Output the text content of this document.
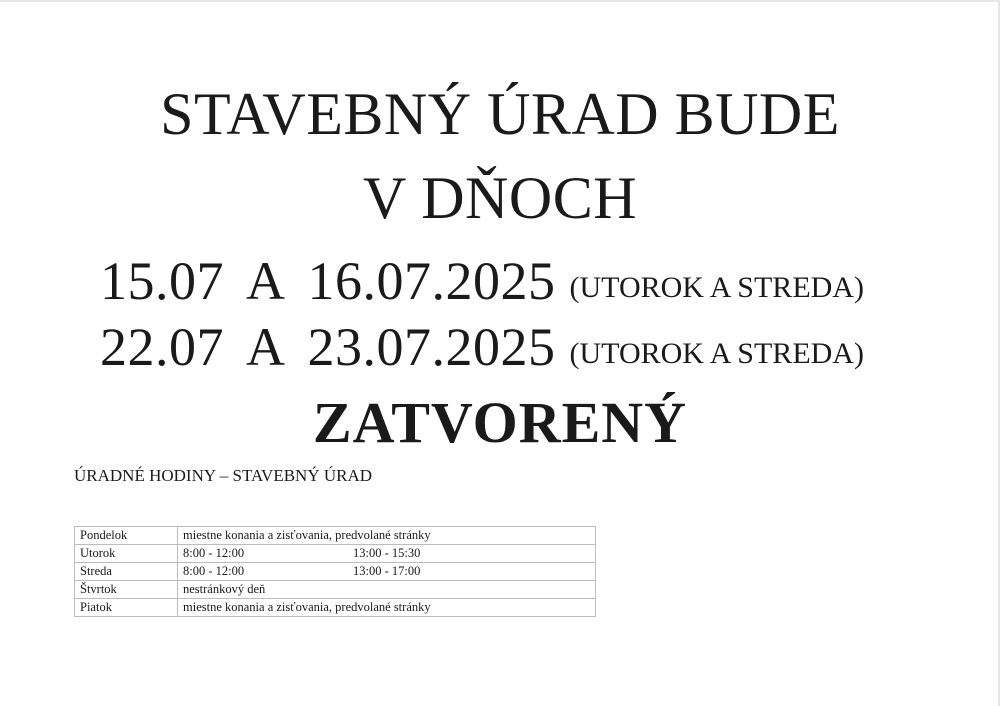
STAVEBNÝ ÚRAD BUDE
V DŇOCH
15.07 A 16.07.2025 (UTOROK A STREDA)
22.07 A 23.07.2025 (UTOROK A STREDA)
ZATVORENÝ
ÚRADNÉ HODINY – STAVEBNÝ ÚRAD
Pondelok	miestne konania a zisťovania, predvolané stránky	
Utorok	8:00 - 12:00	13:00 - 15:30
Streda	8:00 - 12:00	13:00 - 17:00
Štvrtok	nestránkový deň	
Piatok	miestne konania a zisťovania, predvolané stránky	
